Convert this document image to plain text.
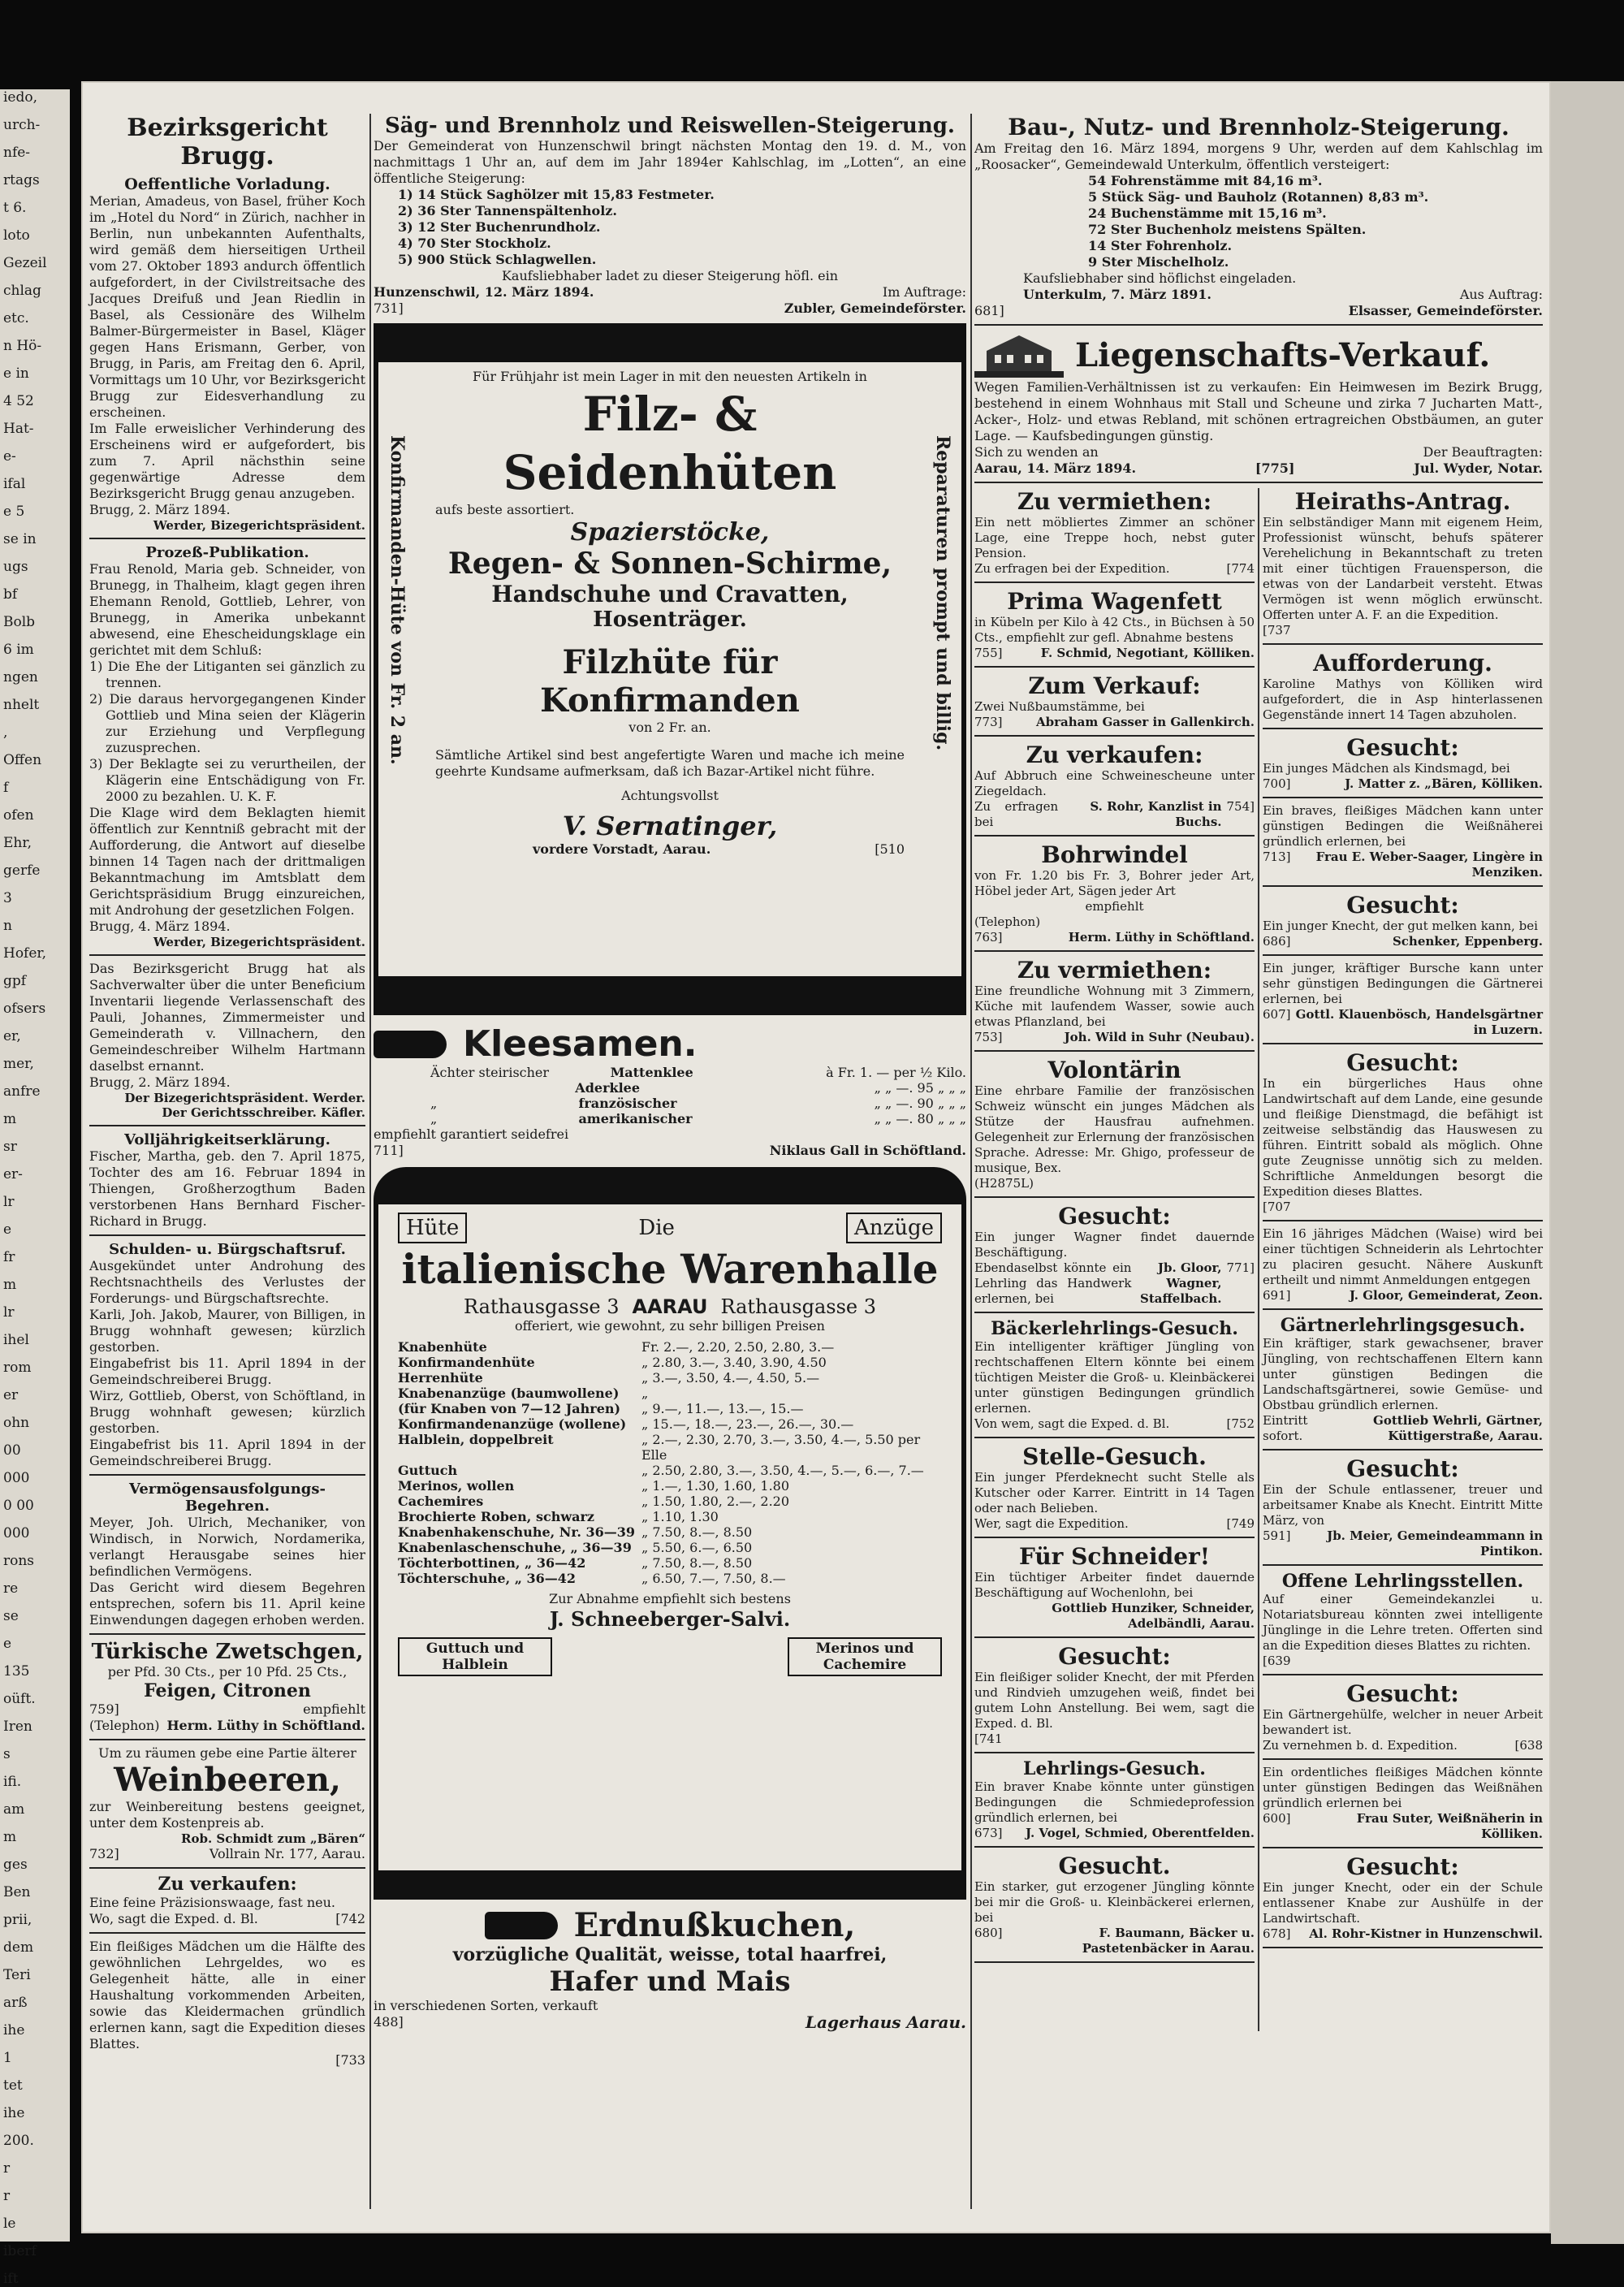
iedo,

urch-

nfe-

rtags

t 6.

loto

Gezeil

chlag

etc.

n Hö-

e in

4 52

Hat-

e-

ifal

e 5

se in

ugs

bf

Bolb

6 im

ngen

nhelt

,

Offen

f

ofen

Ehr,

gerfe

3

n

Hofer,

gpf

ofsers

er,

mer,

anfre

m

sr

er-

lr

e

fr

m

lr

ihel

rom

er

ohn

00

000

0 00

000

rons

re

se

e

135

oüft.

Iren

s

ifi.

am

m

ges

Ben

prii,

dem

Teri

arß

ihe

1

tet

ihe

200.

r

r

le

iberf

ift

Bezirksgericht Brugg.

Oeffentliche Vorladung.

Merian, Amadeus, von Basel, früher Koch im „Hotel du Nord“ in Zürich, nachher in Berlin, nun unbekannten Aufenthalts, wird gemäß dem hierseitigen Urtheil vom 27. Oktober 1893 andurch öffentlich aufgefordert, in der Civilstreitsache des Jacques Dreifuß und Jean Riedlin in Basel, als Cessionäre des Wilhelm Balmer-Bürgermeister in Basel, Kläger gegen Hans Erismann, Gerber, von Brugg, in Paris, am Freitag den 6. April, Vormittags um 10 Uhr, vor Bezirksgericht Brugg zur Eidesverhandlung zu erscheinen.

Im Falle erweislicher Verhinderung des Erscheinens wird er aufgefordert, bis zum 7. April nächsthin seine gegenwärtige Adresse dem Bezirksgericht Brugg genau anzugeben.

Brugg, 2. März 1894.

Werder, Bizegerichtspräsident.

Prozeß-Publikation.

Frau Renold, Maria geb. Schneider, von Brunegg, in Thalheim, klagt gegen ihren Ehemann Renold, Gottlieb, Lehrer, von Brunegg, in Amerika unbekannt abwesend, eine Ehescheidungsklage ein gerichtet mit dem Schluß:

1) Die Ehe der Litiganten sei gänzlich zu trennen.

2) Die daraus hervorgegangenen Kinder Gottlieb und Mina seien der Klägerin zur Erziehung und Verpflegung zuzusprechen.

3) Der Beklagte sei zu verurtheilen, der Klägerin eine Entschädigung von Fr. 2000 zu bezahlen. U. K. F.

Die Klage wird dem Beklagten hiemit öffentlich zur Kenntniß gebracht mit der Aufforderung, die Antwort auf dieselbe binnen 14 Tagen nach der drittmaligen Bekanntmachung im Amtsblatt dem Gerichtspräsidium Brugg einzureichen, mit Androhung der gesetzlichen Folgen.

Brugg, 4. März 1894.

Werder, Bizegerichtspräsident.

Das Bezirksgericht Brugg hat als Sachverwalter über die unter Beneficium Inventarii liegende Verlassenschaft des Pauli, Johannes, Zimmermeister und Gemeinderath v. Villnachern, den Gemeindeschreiber Wilhelm Hartmann daselbst ernannt.

Brugg, 2. März 1894.

Der Bizegerichtspräsident. Werder.

Der Gerichtsschreiber. Käfler.

Volljährigkeitserklärung.

Fischer, Martha, geb. den 7. April 1875, Tochter des am 16. Februar 1894 in Thiengen, Großherzogthum Baden verstorbenen Hans Bernhard Fischer-Richard in Brugg.

Schulden- u. Bürgschaftsruf.

Ausgekündet unter Androhung des Rechtsnachtheils des Verlustes der Forderungs- und Bürgschaftsrechte.

Karli, Joh. Jakob, Maurer, von Billigen, in Brugg wohnhaft gewesen; kürzlich gestorben.

Eingabefrist bis 11. April 1894 in der Gemeindschreiberei Brugg.

Wirz, Gottlieb, Oberst, von Schöftland, in Brugg wohnhaft gewesen; kürzlich gestorben.

Eingabefrist bis 11. April 1894 in der Gemeindschreiberei Brugg.

Vermögensausfolgungs-Begehren.

Meyer, Joh. Ulrich, Mechaniker, von Windisch, in Norwich, Nordamerika, verlangt Herausgabe seines hier befindlichen Vermögens.

Das Gericht wird diesem Begehren entsprechen, sofern bis 11. April keine Einwendungen dagegen erhoben werden.

Türkische Zwetschgen,

per Pfd. 30 Cts., per 10 Pfd. 25 Cts.,

Feigen, Citronen

759]	empfiehlt

(Telephon) Herm. Lüthy in Schöftland.

Um zu räumen gebe eine Partie älterer

Weinbeeren,

zur Weinbereitung bestens geeignet, unter dem Kostenpreis ab.

Rob. Schmidt zum „Bären“

732]	Vollrain Nr. 177, Aarau.

Zu verkaufen:

Eine feine Präzisionswaage, fast neu.

Wo, sagt die Exped. d. Bl.	[742

Ein fleißiges Mädchen um die Hälfte des gewöhnlichen Lehrgeldes, wo es Gelegenheit hätte, alle in einer Haushaltung vorkommenden Arbeiten, sowie das Kleidermachen gründlich erlernen kann, sagt die Expedition dieses Blattes.

[733

Säg- und Brennholz und Reiswellen-Steigerung.

Der Gemeinderat von Hunzenschwil bringt nächsten Montag den 19. d. M., von nachmittags 1 Uhr an, auf dem im Jahr 1894er Kahlschlag, im „Lotten“, an eine öffentliche Steigerung:

1) 14 Stück Saghölzer mit 15,83 Festmeter.

2) 36 Ster Tannenspältenholz.

3) 12 Ster Buchenrundholz.

4) 70 Ster Stockholz.

5) 900 Stück Schlagwellen.

Kaufsliebhaber ladet zu dieser Steigerung höfl. ein

Hunzenschwil, 12. März 1894.	Im Auftrage:

731]	Zubler, Gemeindeförster.

Konfirmanden-Hüte von Fr. 2 an.	Reparaturen prompt und billig.

Für Frühjahr ist mein Lager in mit den neuesten Artikeln in

Filz- & Seidenhüten

aufs beste assortiert.

Spazierstöcke,

Regen- & Sonnen-Schirme,

Handschuhe und Cravatten,

Hosenträger.

Filzhüte für Konfirmanden

von 2 Fr. an.

Sämtliche Artikel sind best angefertigte Waren und mache ich meine geehrte Kundsame aufmerksam, daß ich Bazar-Artikel nicht führe.

Achtungsvollst

V. Sernatinger,

vordere Vorstadt, Aarau.	[510

Kleesamen.

Ächter steirischer	Mattenklee	à Fr. 1. — per ½ Kilo.

Aderklee	„ „ —. 95 „ „ „

„	französischer	„ „ —. 90 „ „ „

„	amerikanischer	„ „ —. 80 „ „ „

empfiehlt garantiert seidefrei

711]	Niklaus Gall in Schöftland.

Hüte	Die	Anzüge

italienische Warenhalle

Rathausgasse 3 AARAU Rathausgasse 3

offeriert, wie gewohnt, zu sehr billigen Preisen

Knabenhüte	Fr. 2.—, 2.20, 2.50, 2.80, 3.—

Konfirmandenhüte	„ 2.80, 3.—, 3.40, 3.90, 4.50

Herrenhüte	„ 3.—, 3.50, 4.—, 4.50, 5.—

Knabenanzüge (baumwollene)	„

(für Knaben von 7—12 Jahren)	„ 9.—, 11.—, 13.—, 15.—

Konfirmandenanzüge (wollene)	„ 15.—, 18.—, 23.—, 26.—, 30.—

Halblein, doppelbreit	„ 2.—, 2.30, 2.70, 3.—, 3.50, 4.—, 5.50 per Elle

Guttuch	„ 2.50, 2.80, 3.—, 3.50, 4.—, 5.—, 6.—, 7.—

Merinos, wollen	„ 1.—, 1.30, 1.60, 1.80

Cachemires	„ 1.50, 1.80, 2.—, 2.20

Brochierte Roben, schwarz	„ 1.10, 1.30

Knabenhakenschuhe, Nr. 36—39 „ 7.50, 8.—, 8.50

Knabenlaschenschuhe, „ 36—39 „ 5.50, 6.—, 6.50

Töchterbottinen, „ 36—42	„ 7.50, 8.—, 8.50

Töchterschuhe, „ 36—42	„ 6.50, 7.—, 7.50, 8.—

Zur Abnahme empfiehlt sich bestens

J. Schneeberger-Salvi.

Guttuch und Halblein
Merinos und Cachemire

Erdnußkuchen,

vorzügliche Qualität, weisse, total haarfrei,

Hafer und Mais

in verschiedenen Sorten, verkauft

488]	Lagerhaus Aarau.

Bau-, Nutz- und Brennholz-Steigerung.

Am Freitag den 16. März 1894, morgens 9 Uhr, werden auf dem Kahlschlag im „Roosacker“, Gemeindewald Unterkulm, öffentlich versteigert:

54 Fohrenstämme mit 84,16 m³.

5 Stück Säg- und Bauholz (Rotannen) 8,83 m³.

24 Buchenstämme mit 15,16 m³.

72 Ster Buchenholz meistens Spälten.

14 Ster Fohrenholz.

9 Ster Mischelholz.

Kaufsliebhaber sind höflichst eingeladen.

Unterkulm, 7. März 1891.	Aus Auftrag:

681]	Elsasser, Gemeindeförster.

Liegenschafts-Verkauf.

Wegen Familien-Verhältnissen ist zu verkaufen: Ein Heimwesen im Bezirk Brugg, bestehend in einem Wohnhaus mit Stall und Scheune und zirka 7 Jucharten Matt-, Acker-, Holz- und etwas Rebland, mit schönen ertragreichen Obstbäumen, an guter Lage. — Kaufsbedingungen günstig.

Sich zu wenden an	Der Beauftragten:

Aarau, 14. März 1894.	[775]	Jul. Wyder, Notar.

Zu vermiethen:

Ein nett möbliertes Zimmer an schöner Lage, eine Treppe hoch, nebst guter Pension.

Zu erfragen bei der Expedition.	[774

Prima Wagenfett

in Kübeln per Kilo à 42 Cts., in Büchsen à 50 Cts., empfiehlt zur gefl. Abnahme bestens

755]	F. Schmid, Negotiant, Kölliken.

Zum Verkauf:

Zwei Nußbaumstämme, bei

773]	Abraham Gasser in Gallenkirch.

Zu verkaufen:

Auf Abbruch eine Schweinescheune unter Ziegeldach.

Zu erfragen bei
S. Rohr, Kanzlist in Buchs.
754]

Bohrwindel

von Fr. 1.20 bis Fr. 3, Bohrer jeder Art, Höbel jeder Art, Sägen jeder Art

empfiehlt

(Telephon)

763]	Herm. Lüthy in Schöftland.

Zu vermiethen:

Eine freundliche Wohnung mit 3 Zimmern, Küche mit laufendem Wasser, sowie auch etwas Pflanzland, bei

753]	Joh. Wild in Suhr (Neubau).

Volontärin

Eine ehrbare Familie der französischen Schweiz wünscht ein junges Mädchen als Stütze der Hausfrau aufnehmen. Gelegenheit zur Erlernung der französischen Sprache. Adresse: Mr. Ghigo, professeur de musique, Bex.

(H2875L)

Gesucht:

Ein junger Wagner findet dauernde Beschäftigung.

Ebendaselbst könnte ein Lehrling das Handwerk erlernen, bei
Jb. Gloor, Wagner, Staffelbach.
771]

Bäckerlehrlings-Gesuch.

Ein intelligenter kräftiger Jüngling von rechtschaffenen Eltern könnte bei einem tüchtigen Meister die Groß- u. Kleinbäckerei unter günstigen Bedingungen gründlich erlernen.

Von wem, sagt die Exped. d. Bl.	[752

Stelle-Gesuch.

Ein junger Pferdeknecht sucht Stelle als Kutscher oder Karrer. Eintritt in 14 Tagen oder nach Belieben.

Wer, sagt die Expedition.	[749

Für Schneider!

Ein tüchtiger Arbeiter findet dauernde Beschäftigung auf Wochenlohn, bei

Gottlieb Hunziker, Schneider, Adelbändli, Aarau.

Gesucht:

Ein fleißiger solider Knecht, der mit Pferden und Rindvieh umzugehen weiß, findet bei gutem Lohn Anstellung. Bei wem, sagt die Exped. d. Bl.

[741

Lehrlings-Gesuch.

Ein braver Knabe könnte unter günstigen Bedingungen die Schmiedeprofession gründlich erlernen, bei

673] J. Vogel, Schmied, Oberentfelden.

Gesucht.

Ein starker, gut erzogener Jüngling könnte bei mir die Groß- u. Kleinbäckerei erlernen, bei

680]	F. Baumann, Bäcker u. Pastetenbäcker in Aarau.

Heiraths-Antrag.

Ein selbständiger Mann mit eigenem Heim, Professionist wünscht, behufs späterer Verehelichung in Bekanntschaft zu treten mit einer tüchtigen Frauensperson, die etwas von der Landarbeit versteht. Etwas Vermögen ist wenn möglich erwünscht. Offerten unter A. F. an die Expedition.

[737

Aufforderung.

Karoline Mathys von Kölliken wird aufgefordert, die in Asp hinterlassenen Gegenstände innert 14 Tagen abzuholen.

Gesucht:

Ein junges Mädchen als Kindsmagd, bei

700]	J. Matter z. „Bären, Kölliken.

Ein braves, fleißiges Mädchen kann unter günstigen Bedingen die Weißnäherei gründlich erlernen, bei

713]	Frau E. Weber-Saager, Lingère in Menziken.

Gesucht:

Ein junger Knecht, der gut melken kann, bei

686]	Schenker, Eppenberg.

Ein junger, kräftiger Bursche kann unter sehr günstigen Bedingungen die Gärtnerei erlernen, bei

607] Gottl. Klauenbösch, Handelsgärtner in Luzern.

Gesucht:

In ein bürgerliches Haus ohne Landwirtschaft auf dem Lande, eine gesunde und fleißige Dienstmagd, die befähigt ist zeitweise selbständig das Hauswesen zu führen. Eintritt sobald als möglich. Ohne gute Zeugnisse unnötig sich zu melden. Schriftliche Anmeldungen besorgt die Expedition dieses Blattes.

[707

Ein 16 jähriges Mädchen (Waise) wird bei einer tüchtigen Schneiderin als Lehrtochter zu placiren gesucht. Nähere Auskunft ertheilt und nimmt Anmeldungen entgegen

691]	J. Gloor, Gemeinderat, Zeon.

Gärtnerlehrlingsgesuch.

Ein kräftiger, stark gewachsener, braver Jüngling, von rechtschaffenen Eltern kann unter günstigen Bedingen die Landschaftsgärtnerei, sowie Gemüse- und Obstbau gründlich erlernen.

Eintritt sofort.
Gottlieb Wehrli, Gärtner, Küttigerstraße, Aarau.

Gesucht:

Ein der Schule entlassener, treuer und arbeitsamer Knabe als Knecht. Eintritt Mitte März, von

591]	Jb. Meier, Gemeindeammann in Pintikon.

Offene Lehrlingsstellen.

Auf einer Gemeindekanzlei u. Notariatsbureau könnten zwei intelligente Jünglinge in die Lehre treten. Offerten sind an die Expedition dieses Blattes zu richten.

[639

Gesucht:

Ein Gärtnergehülfe, welcher in neuer Arbeit bewandert ist.

Zu vernehmen b. d. Expedition.	[638

Ein ordentliches fleißiges Mädchen könnte unter günstigen Bedingen das Weißnähen gründlich erlernen bei

600]	Frau Suter, Weißnäherin in Kölliken.

Gesucht:

Ein junger Knecht, oder ein der Schule entlassener Knabe zur Aushülfe in der Landwirtschaft.

678] Al. Rohr-Kistner in Hunzenschwil.
